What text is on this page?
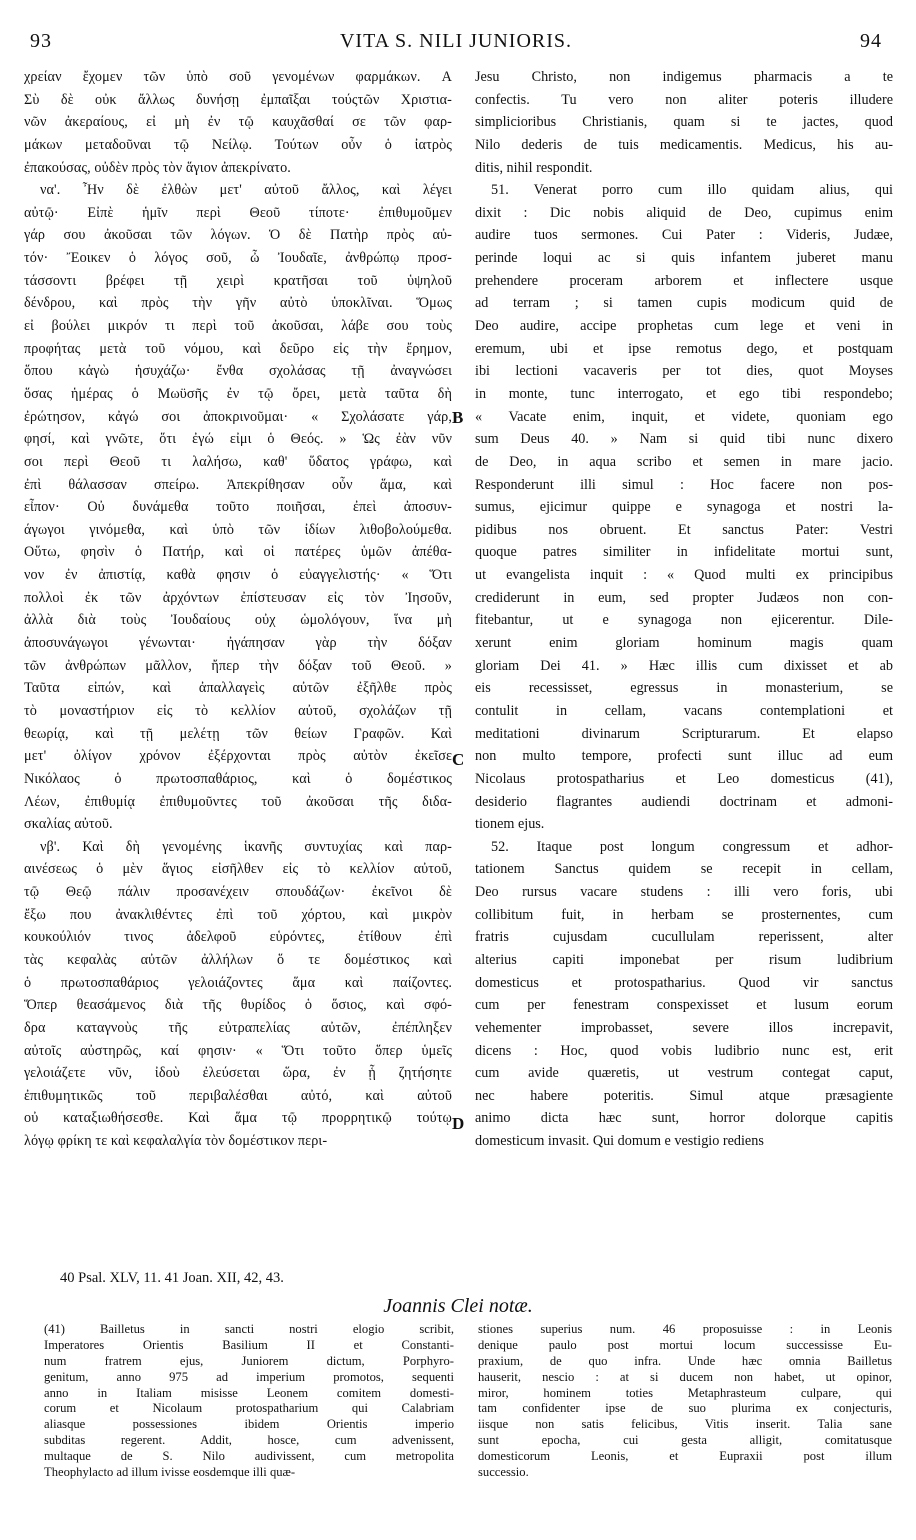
93	VITA S. NILI JUNIORIS.	94
χρείαν ἔχομεν τῶν ὑπὸ σοῦ γενομένων φαρμάκων. A
Σὺ δὲ οὐκ ἄλλως δυνήσῃ ἐμπαῖξαι τούςτῶν Χριστια-
νῶν ἀκεραίους, εἰ μὴ ἐν τῷ καυχᾶσθαί σε τῶν φαρ-
μάκων μεταδοῦναι τῷ Νείλῳ. Τούτων οὖν ὁ ἰατρὸς
ἐπακούσας, οὐδὲν πρὸς τὸν ἅγιον ἀπεκρίνατο.
να'. Ἦν δὲ ἐλθὼν μετ' αὐτοῦ ἄλλος, καὶ λέγει
αὐτῷ· Εἰπὲ ἡμῖν περὶ Θεοῦ τίποτε· ἐπιθυμοῦμεν
γάρ σου ἀκοῦσαι τῶν λόγων. Ὁ δὲ Πατὴρ πρὸς αὐ-
τόν· Ἔοικεν ὁ λόγος σοῦ, ὦ Ἰουδαῖε, ἀνθρώπῳ προσ-
τάσσοντι βρέφει τῇ χειρὶ κρατῆσαι τοῦ ὑψηλοῦ
δένδρου, καὶ πρὸς τὴν γῆν αὐτὸ ὑποκλῖναι. Ὅμως
εἰ βούλει μικρόν τι περὶ τοῦ ἀκοῦσαι, λάβε σου τοὺς
προφήτας μετὰ τοῦ νόμου, καὶ δεῦρο εἰς τὴν ἔρημον,
ὅπου κἀγὼ ἡσυχάζω· ἔνθα σχολάσας τῇ ἀναγνώσει
ὅσας ἡμέρας ὁ Μωϋσῆς ἐν τῷ ὄρει, μετὰ ταῦτα δὴ
ἐρώτησον, κἀγώ σοι ἀποκρινοῦμαι· « Σχολάσατε γάρ,
φησί, καὶ γνῶτε, ὅτι ἐγώ εἰμι ὁ Θεός. » Ὡς ἐὰν νῦν
σοι περὶ Θεοῦ τι λαλήσω, καθ' ὕδατος γράφω, καὶ
ἐπὶ θάλασσαν σπείρω. Ἀπεκρίθησαν οὖν ἅμα, καὶ
εἶπον· Οὐ δυνάμεθα τοῦτο ποιῆσαι, ἐπεὶ ἀποσυν-
άγωγοι γινόμεθα, καὶ ὑπὸ τῶν ἰδίων λιθοβολούμεθα.
Οὕτω, φησὶν ὁ Πατήρ, καὶ οἱ πατέρες ὑμῶν ἀπέθα-
νον ἐν ἀπιστίᾳ, καθὰ φησιν ὁ εὐαγγελιστής· « Ὅτι
πολλοὶ ἐκ τῶν ἀρχόντων ἐπίστευσαν εἰς τὸν Ἰησοῦν,
ἀλλὰ διὰ τοὺς Ἰουδαίους οὐχ ὡμολόγουν, ἵνα μὴ
ἀποσυνάγωγοι γένωνται· ἠγάπησαν γὰρ τὴν δόξαν
τῶν ἀνθρώπων μᾶλλον, ἤπερ τὴν δόξαν τοῦ Θεοῦ. »
Ταῦτα εἰπών, καὶ ἀπαλλαγεὶς αὐτῶν ἐξῆλθε πρὸς
τὸ μοναστήριον εἰς τὸ κελλίον αὐτοῦ, σχολάζων τῇ
θεωρίᾳ, καὶ τῇ μελέτῃ τῶν θείων Γραφῶν. Καὶ
μετ' ὀλίγον χρόνον ἐξέρχονται πρὸς αὐτὸν ἐκεῖσε
Νικόλαος ὁ πρωτοσπαθάριος, καὶ ὁ δομέστικος
Λέων, ἐπιθυμίᾳ ἐπιθυμοῦντες τοῦ ἀκοῦσαι τῆς διδα-
σκαλίας αὐτοῦ.
νβ'. Καὶ δὴ γενομένης ἱκανῆς συντυχίας καὶ παρ-
αινέσεως ὁ μὲν ἅγιος εἰσῆλθεν εἰς τὸ κελλίον αὐτοῦ,
τῷ Θεῷ πάλιν προσανέχειν σπουδάζων· ἐκεῖνοι δὲ
ἔξω που ἀνακλιθέντες ἐπὶ τοῦ χόρτου, καὶ μικρὸν
κουκούλιόν τινος ἀδελφοῦ εὑρόντες, ἐτίθουν ἐπὶ
τὰς κεφαλὰς αὐτῶν ἀλλήλων ὅ τε δομέστικος καὶ
ὁ πρωτοσπαθάριος γελοιάζοντες ἅμα καὶ παίζοντες.
Ὅπερ θεασάμενος διὰ τῆς θυρίδος ὁ ὅσιος, καὶ σφό-
δρα καταγνοὺς τῆς εὐτραπελίας αὐτῶν, ἐπέπληξεν
αὐτοῖς αὐστηρῶς, καί φησιν· « Ὅτι τοῦτο ὅπερ ὑμεῖς
γελοιάζετε νῦν, ἰδοὺ ἐλεύσεται ὥρα, ἐν ᾗ ζητήσητε
ἐπιθυμητικῶς τοῦ περιβαλέσθαι αὐτό, καὶ αὐτοῦ
οὐ καταξιωθήσεσθε. Καὶ ἅμα τῷ προρρητικῷ τούτῳ
λόγῳ φρίκη τε καὶ κεφαλαλγία τὸν δομέστικον περι-
Jesu Christo, non indigemus pharmacis a te
confectis. Tu vero non aliter poteris illudere
simplicioribus Christianis, quam si te jactes, quod
Nilo dederis de tuis medicamentis. Medicus, his au-
ditis, nihil respondit.
51. Venerat porro cum illo quidam alius, qui
dixit : Dic nobis aliquid de Deo, cupimus enim
audire tuos sermones. Cui Pater : Videris, Judæe,
perinde loqui ac si quis infantem juberet manu
prehendere proceram arborem et inflectere usque
ad terram ; si tamen cupis modicum quid de
Deo audire, accipe prophetas cum lege et veni in
eremum, ubi et ipse remotus dego, et postquam
ibi lectioni vacaveris per tot dies, quot Moyses
in monte, tunc interrogato, et ego tibi respondebo;
« Vacate enim, inquit, et videte, quoniam ego
sum Deus 40. » Nam si quid tibi nunc dixero
de Deo, in aqua scribo et semen in mare jacio.
Responderunt illi simul : Hoc facere non pos-
sumus, ejicimur quippe e synagoga et nostri la-
pidibus nos obruent. Et sanctus Pater: Vestri
quoque patres similiter in infidelitate mortui sunt,
ut evangelista inquit : « Quod multi ex principibus
crediderunt in eum, sed propter Judæos non con-
fitebantur, ut e synagoga non ejicerentur. Dile-
xerunt enim gloriam hominum magis quam
gloriam Dei 41. » Hæc illis cum dixisset et ab
eis recessisset, egressus in monasterium, se
contulit in cellam, vacans contemplationi et
meditationi divinarum Scripturarum. Et elapso
non multo tempore, profecti sunt illuc ad eum
Nicolaus protospatharius et Leo domesticus (41),
desiderio flagrantes audiendi doctrinam et admoni-
tionem ejus.
52. Itaque post longum congressum et adhor-
tationem Sanctus quidem se recepit in cellam,
Deo rursus vacare studens : illi vero foris, ubi
collibitum fuit, in herbam se prosternentes, cum
fratris cujusdam cucullulam reperissent, alter
alterius capiti imponebat per risum ludibrium
domesticus et protospatharius. Quod vir sanctus
cum per fenestram conspexisset et lusum eorum
vehementer improbasset, severe illos increpavit,
dicens : Hoc, quod vobis ludibrio nunc est, erit
cum avide quæretis, ut vestrum contegat caput,
nec habere poteritis. Simul atque præsagiente
animo dicta hæc sunt, horror dolorque capitis
domesticum invasit. Qui domum e vestigio rediens
B
C
D
40 Psal. XLV, 11. 41 Joan. XII, 42, 43.
Joannis Clei notæ.
(41) Bailletus in sancti nostri elogio scribit,
Imperatores Orientis Basilium II et Constanti-
num fratrem ejus, Juniorem dictum, Porphyro-
genitum, anno 975 ad imperium promotos, sequenti
anno in Italiam misisse Leonem comitem domesti-
corum et Nicolaum protospatharium qui Calabriam
aliasque possessiones ibidem Orientis imperio
subditas regerent. Addit, hosce, cum advenissent,
multaque de S. Nilo audivissent, cum metropolita
Theophylacto ad illum ivisse eosdemque illi quæ-
stiones superius num. 46 proposuisse : in Leonis
denique paulo post mortui locum successisse Eu-
praxium, de quo infra. Unde hæc omnia Bailletus
hauserit, nescio : at si ducem non habet, ut opinor,
miror, hominem toties Metaphrasteum culpare, qui
tam confidenter ipse de suo plurima ex conjecturis,
iisque non satis felicibus, Vitis inserit. Talia sane
sunt epocha, cui gesta alligit, comitatusque
domesticorum Leonis, et Eupraxii post illum
successio.
